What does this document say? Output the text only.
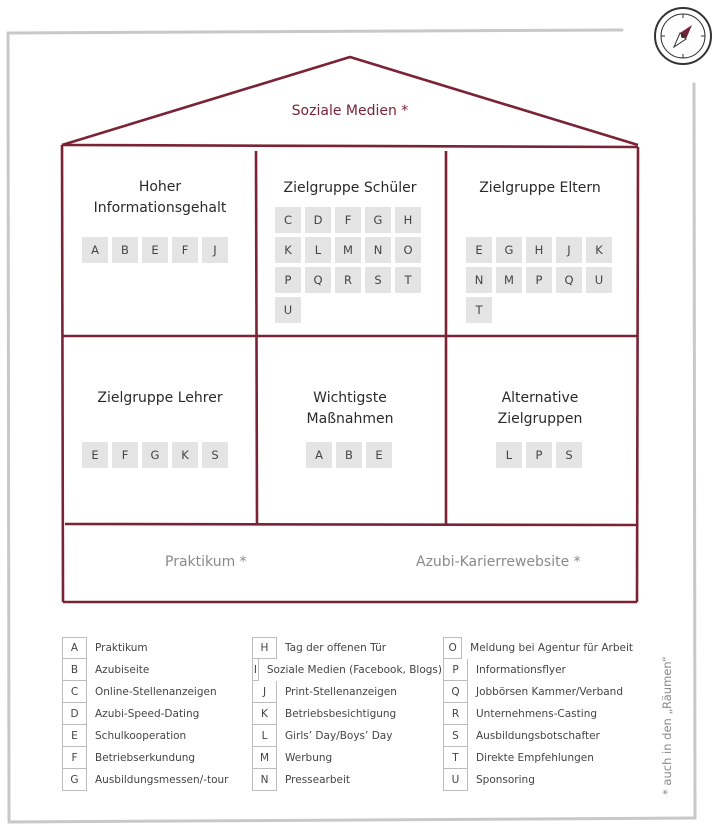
Soziale Medien *
Hoher Informationsgehalt
Zielgruppe Schüler	Zielgruppe Eltern
Zielgruppe Lehrer	Wichtigste Maßnahmen
Alternative Zielgruppen
A	B	E	F	J
C	D	F	G	H
K	L	M	N	O
P	Q	R	S	T
U
E	G	H	J	K
N	M	P	Q	U
T
E	F	G	K	S	A	B	E	L	P	S
Praktikum *	Azubi-Karierrewebsite *
A	Praktikum
B	Azubiseite
C	Online-Stellenanzeigen
D	Azubi-Speed-Dating
E	Schulkooperation
F	Betriebserkundung
G	Ausbildungsmessen/-tour
H	Tag der offenen Tür
I Soziale Medien (Facebook, Blogs)
J	Print-Stellenanzeigen
K	Betriebsbesichtigung
L	Girls’ Day/Boys’ Day
M	Werbung
N	Pressearbeit
O	Meldung bei Agentur für Arbeit
P	Informationsflyer
Q	Jobbörsen Kammer/Verband
R	Unternehmens-Casting
S	Ausbildungsbotschafter
T	Direkte Empfehlungen
U	Sponsoring	* auch in den „Räumen“
